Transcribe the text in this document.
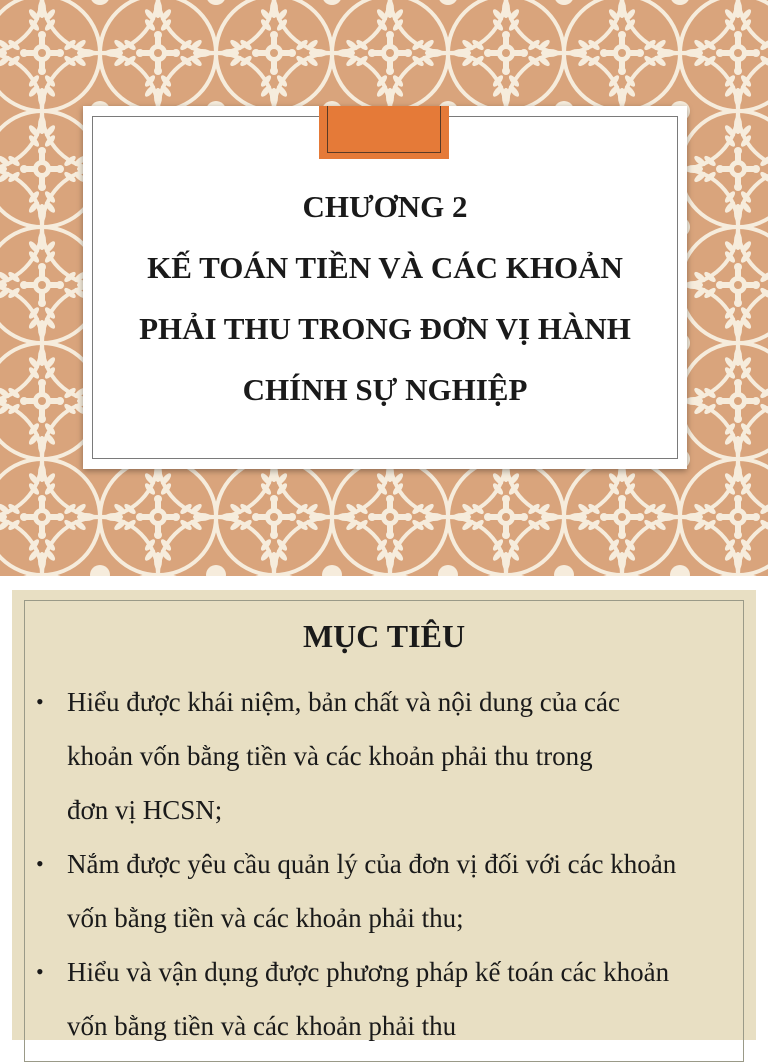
CHƯƠNG 2
KẾ TOÁN TIỀN VÀ CÁC KHOẢN
PHẢI THU TRONG ĐƠN VỊ HÀNH
CHÍNH SỰ NGHIỆP
MỤC TIÊU
• Hiểu được khái niệm, bản chất và nội dung của các
khoản vốn bằng tiền và các khoản phải thu trong
đơn vị HCSN;
• Nắm được yêu cầu quản lý của đơn vị đối với các khoản
vốn bằng tiền và các khoản phải thu;
• Hiểu và vận dụng được phương pháp kế toán các khoản
vốn bằng tiền và các khoản phải thu
